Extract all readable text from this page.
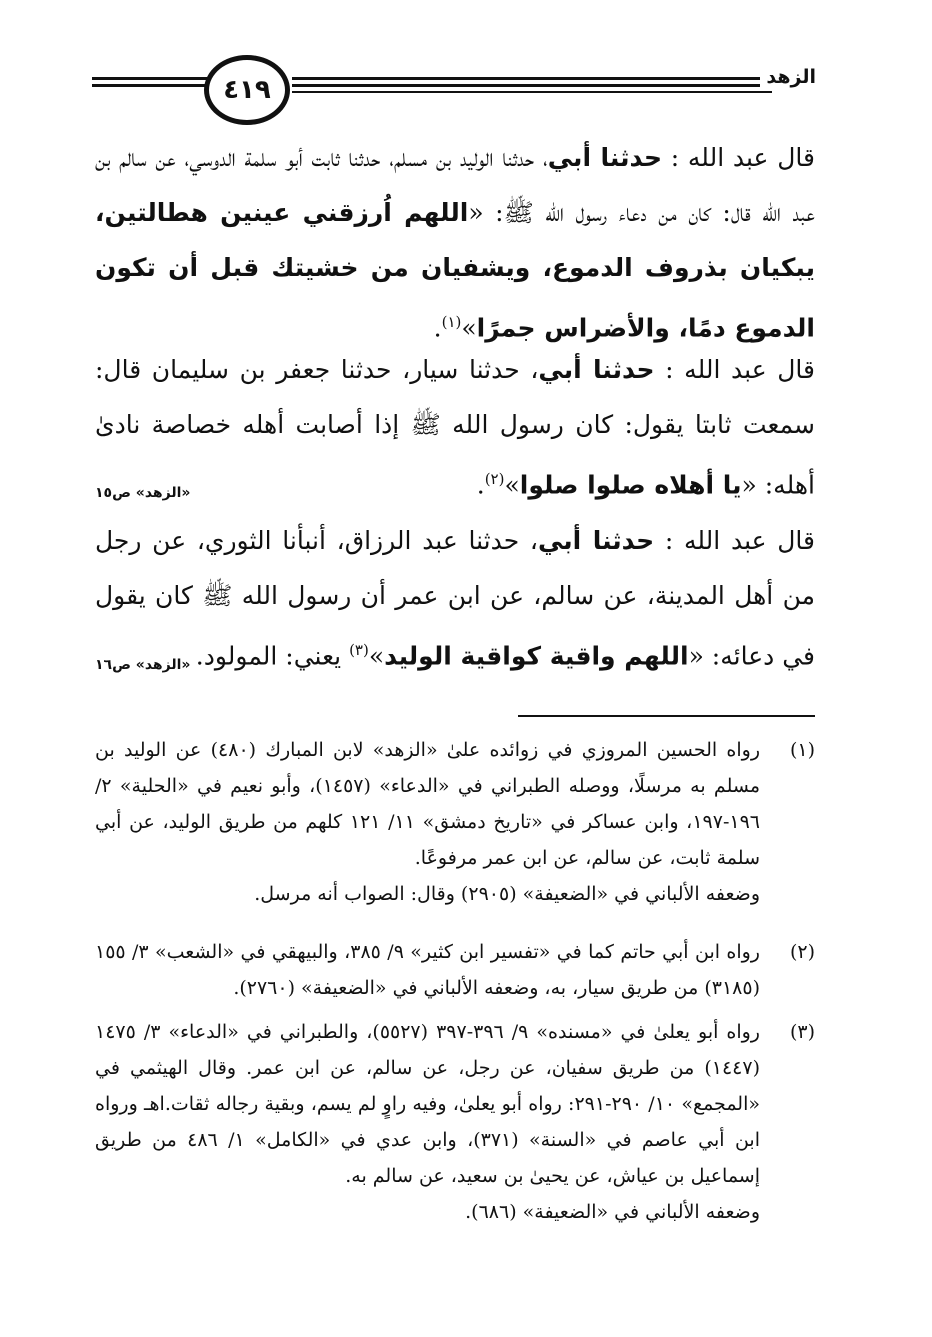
٤١٩	الزهد
قال عبد الله : حدثنا أبي، حدثنا الوليد بن مسلم، حدثنا ثابت أبو سلمة الدوسي، عن سالم بن عبد الله قال: كان من دعاء رسول الله ﷺ: «اللهم اُرزقني عينين هطالتين، يبكيان بذروف الدموع، ويشفيان من خشيتك قبل أن تكون الدموع دمًا، والأضراس جمرًا»$^{(١)}$.
قال عبد الله : حدثنا أبي، حدثنا سيار، حدثنا جعفر بن سليمان قال: سمعت ثابتا يقول: كان رسول الله ﷺ إذا أصابت أهله خصاصة نادىٰ أهله: «يا أهلاه صلوا صلوا»$^{(٢)}$.
«الزهد» ص١٥
قال عبد الله : حدثنا أبي، حدثنا عبد الرزاق، أنبأنا الثوري، عن رجل من أهل المدينة، عن سالم، عن ابن عمر أن رسول الله ﷺ كان يقول في دعائه: «اللهم واقية كواقية الوليد»$^{(٣)}$ يعني: المولود.
«الزهد» ص١٦
(١)
رواه الحسين المروزي في زوائده علىٰ «الزهد» لابن المبارك (٤٨٠) عن الوليد بن مسلم به مرسلًا، ووصله الطبراني في «الدعاء» (١٤٥٧)، وأبو نعيم في «الحلية» ٢/ ١٩٦-١٩٧، وابن عساكر في «تاريخ دمشق» ١١/ ١٢١ كلهم من طريق الوليد، عن أبي سلمة ثابت، عن سالم، عن ابن عمر مرفوعًا.
وضعفه الألباني في «الضعيفة» (٢٩٠٥) وقال: الصواب أنه مرسل.
(٢)
رواه ابن أبي حاتم كما في «تفسير ابن كثير» ٩/ ٣٨٥، والبيهقي في «الشعب» ٣/ ١٥٥ (٣١٨٥) من طريق سيار، به، وضعفه الألباني في «الضعيفة» (٢٧٦٠).
(٣)
رواه أبو يعلىٰ في «مسنده» ٩/ ٣٩٦-٣٩٧ (٥٥٢٧)، والطبراني في «الدعاء» ٣/ ١٤٧٥ (١٤٤٧) من طريق سفيان، عن رجل، عن سالم، عن ابن عمر. وقال الهيثمي في «المجمع» ١٠/ ٢٩٠-٢٩١: رواه أبو يعلىٰ، وفيه راوٍ لم يسم، وبقية رجاله ثقات.اهـ ورواه ابن أبي عاصم في «السنة» (٣٧١)، وابن عدي في «الكامل» ١/ ٤٨٦ من طريق إسماعيل بن عياش، عن يحيىٰ بن سعيد، عن سالم به.
وضعفه الألباني في «الضعيفة» (٦٨٦).
